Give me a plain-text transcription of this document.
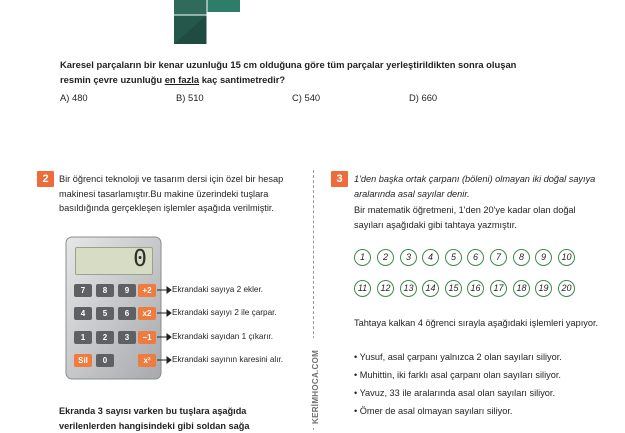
Karesel parçaların bir kenar uzunluğu 15 cm olduğuna göre tüm parçalar yerleştirildikten sonra oluşan resmin çevre uzunluğu en fazla kaç santimetredir?
A) 480	B) 510	C) 540	D) 660
2	Bir öğrenci teknoloji ve tasarım dersi için özel bir hesap makinesi tasarlamıştır.Bu makine üzerindeki tuşlara basıldığında gerçekleşen işlemler aşağıda verilmiştir.
0
7	8	9	+2
4	5	6	x2
1	2	3	−1
Sil	0	x²
Ekrandaki sayıya 2 ekler.
Ekrandaki sayıyı 2 ile çarpar.
Ekrandaki sayıdan 1 çıkarır.
Ekrandaki sayının karesini alır.
Ekranda 3 sayısı varken bu tuşlara aşağıda verilenlerden hangisindeki gibi soldan sağa
KERİMHOCA.COM
3	1'den başka ortak çarpanı (böleni) olmayan iki doğal sayıya aralarında asal sayılar denir.
Bir matematik öğretmeni, 1'den 20'ye kadar olan doğal sayıları aşağıdaki gibi tahtaya yazmıştır.
1	2	3	4	5	6	7	8	9	10
11	12	13	14	15	16	17	18	19	20
Tahtaya kalkan 4 öğrenci sırayla aşağıdaki işlemleri yapıyor.
• Yusuf, asal çarpanı yalnızca 2 olan sayıları siliyor.
• Muhittin, iki farklı asal çarpanı olan sayıları siliyor.
• Yavuz, 33 ile aralarında asal olan sayıları siliyor.
• Ömer de asal olmayan sayıları siliyor.
